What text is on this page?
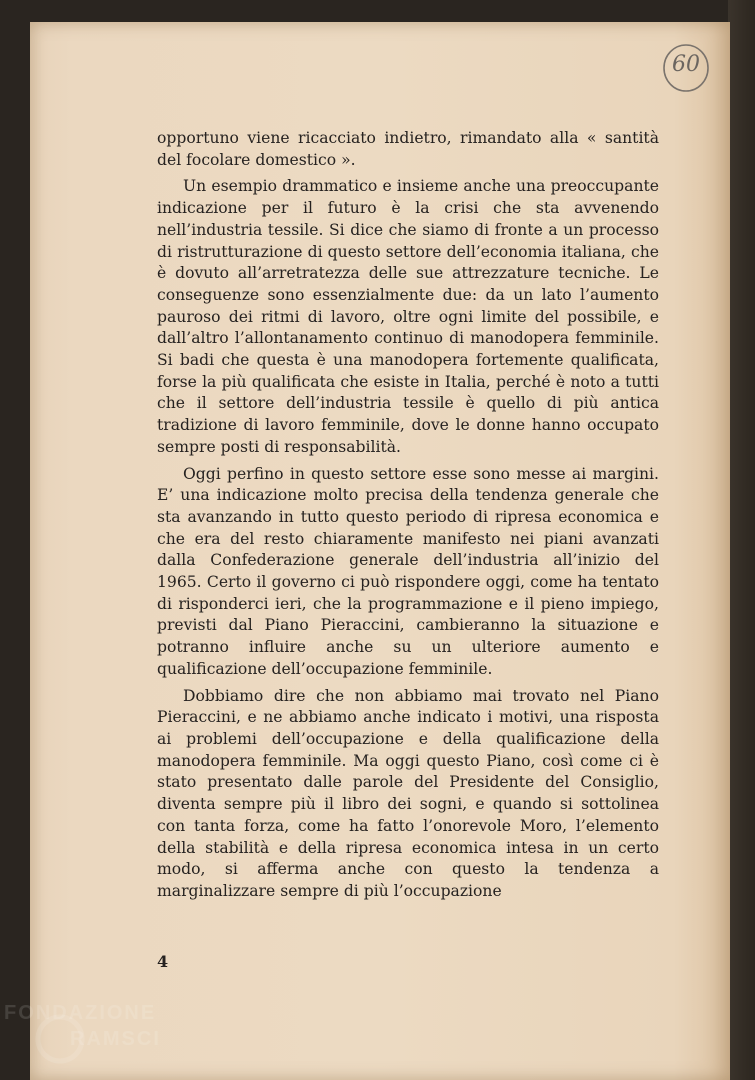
60

opportuno viene ricacciato indietro, rimandato alla « santità del focolare domestico ».

Un esempio drammatico e insieme anche una preoccupante indicazione per il futuro è la crisi che sta avvenendo nell’industria tessile. Si dice che siamo di fronte a un processo di ristrutturazione di questo settore dell’economia italiana, che è dovuto all’arretratezza delle sue attrezzature tecniche. Le conseguenze sono essenzialmente due: da un lato l’aumento pauroso dei ritmi di lavoro, oltre ogni limite del possibile, e dall’altro l’allontanamento continuo di manodopera femminile. Si badi che questa è una manodopera fortemente qualificata, forse la più qualificata che esiste in Italia, perché è noto a tutti che il settore dell’industria tessile è quello di più antica tradizione di lavoro femminile, dove le donne hanno occupato sempre posti di responsabilità.

Oggi perfino in questo settore esse sono messe ai margini. E’ una indicazione molto precisa della tendenza generale che sta avanzando in tutto questo periodo di ripresa economica e che era del resto chiaramente manifesto nei piani avanzati dalla Confederazione generale dell’industria all’inizio del 1965. Certo il governo ci può rispondere oggi, come ha tentato di risponderci ieri, che la programmazione e il pieno impiego, previsti dal Piano Pieraccini, cambieranno la situazione e potranno influire anche su un ulteriore aumento e qualificazione dell’occupazione femminile.

Dobbiamo dire che non abbiamo mai trovato nel Piano Pieraccini, e ne abbiamo anche indicato i motivi, una risposta ai problemi dell’occupazione e della qualificazione della manodopera femminile. Ma oggi questo Piano, così come ci è stato presentato dalle parole del Presidente del Consiglio, diventa sempre più il libro dei sogni, e quando si sottolinea con tanta forza, come ha fatto l’onorevole Moro, l’elemento della stabilità e della ripresa economica intesa in un certo modo, si afferma anche con questo la tendenza a marginalizzare sempre di più l’occupazione

4
FONDAZIONE
RAMSCI
